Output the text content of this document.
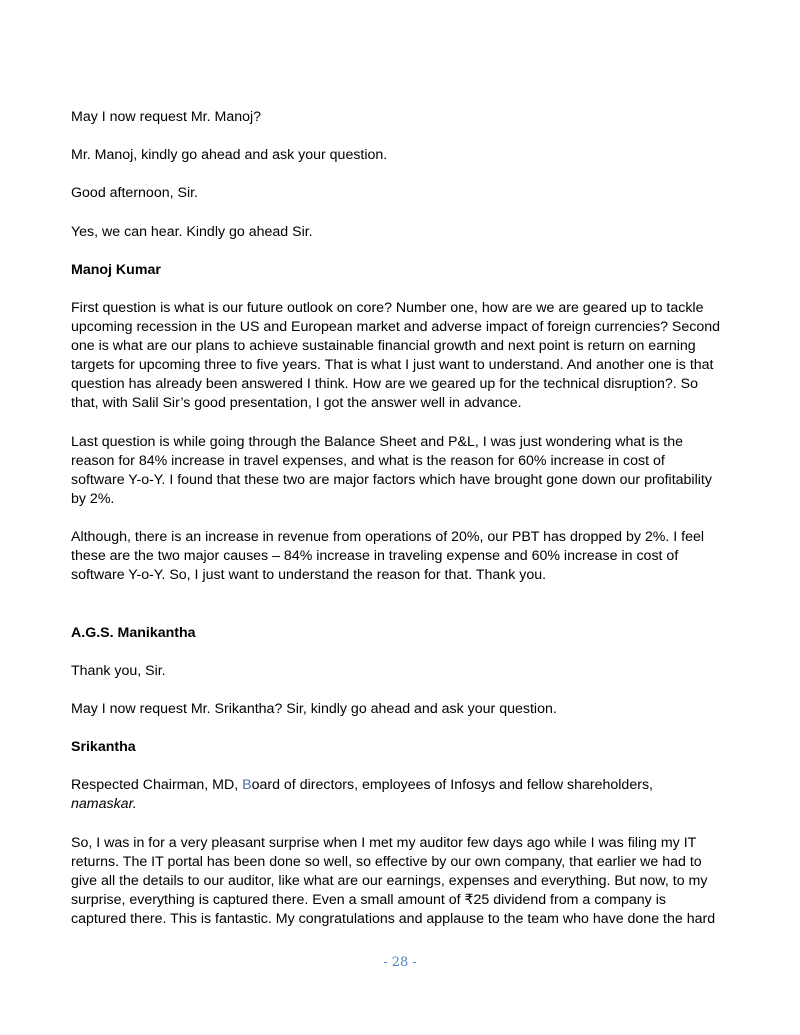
May I now request Mr. Manoj?

Mr. Manoj, kindly go ahead and ask your question.

Good afternoon, Sir.

Yes, we can hear. Kindly go ahead Sir.

Manoj Kumar

First question is what is our future outlook on core? Number one, how are we are geared up to tackle
upcoming recession in the US and European market and adverse impact of foreign currencies? Second
one is what are our plans to achieve sustainable financial growth and next point is return on earning
targets for upcoming three to five years. That is what I just want to understand. And another one is that
question has already been answered I think. How are we geared up for the technical disruption?. So
that, with Salil Sir’s good presentation, I got the answer well in advance.
Last question is while going through the Balance Sheet and P&L, I was just wondering what is the
reason for 84% increase in travel expenses, and what is the reason for 60% increase in cost of
software Y-o-Y. I found that these two are major factors which have brought gone down our profitability
by 2%.
Although, there is an increase in revenue from operations of 20%, our PBT has dropped by 2%. I feel
these are the two major causes – 84% increase in traveling expense and 60% increase in cost of
software Y-o-Y. So, I just want to understand the reason for that. Thank you.

A.G.S. Manikantha

Thank you, Sir.

May I now request Mr. Srikantha? Sir, kindly go ahead and ask your question.

Srikantha

Respected Chairman, MD, Board of directors, employees of Infosys and fellow shareholders,
namaskar.
So, I was in for a very pleasant surprise when I met my auditor few days ago while I was filing my IT
returns. The IT portal has been done so well, so effective by our own company, that earlier we had to
give all the details to our auditor, like what are our earnings, expenses and everything. But now, to my
surprise, everything is captured there. Even a small amount of ₹25 dividend from a company is
captured there. This is fantastic. My congratulations and applause to the team who have done the hard
- 28 -
